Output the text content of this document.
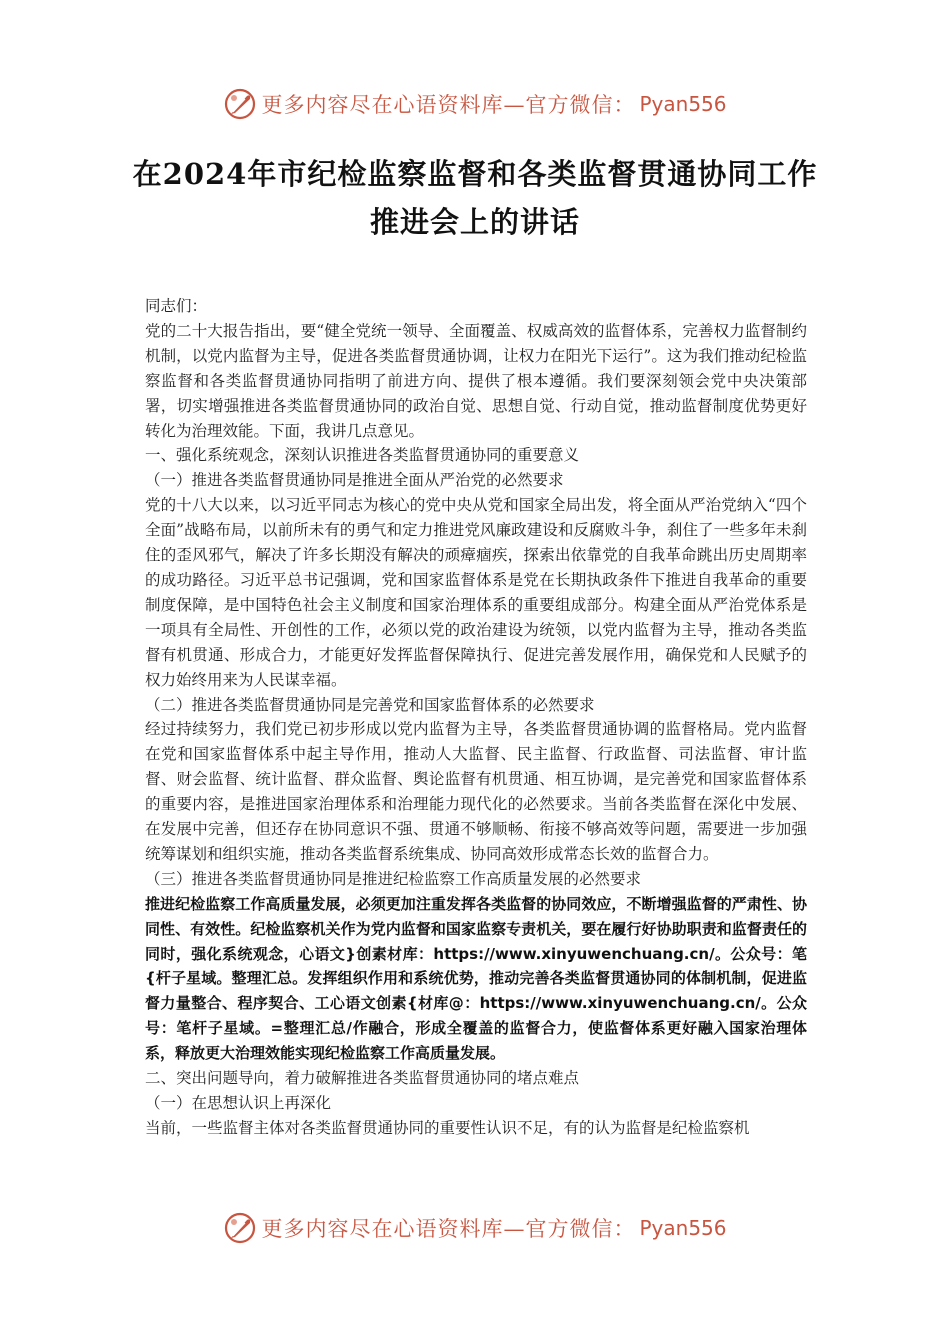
更多内容尽在心语资料库—官方微信： Pyan556
在2024年市纪检监察监督和各类监督贯通协同工作
推进会上的讲话

同志们：

党的二十大报告指出，要“健全党统一领导、全面覆盖、权威高效的监督体系，完善权力监督制约机制，以党内监督为主导，促进各类监督贯通协调，让权力在阳光下运行”。这为我们推动纪检监察监督和各类监督贯通协同指明了前进方向、提供了根本遵循。我们要深刻领会党中央决策部署，切实增强推进各类监督贯通协同的政治自觉、思想自觉、行动自觉，推动监督制度优势更好转化为治理效能。下面，我讲几点意见。

一、强化系统观念，深刻认识推进各类监督贯通协同的重要意义

（一）推进各类监督贯通协同是推进全面从严治党的必然要求

党的十八大以来，以习近平同志为核心的党中央从党和国家全局出发，将全面从严治党纳入“四个全面”战略布局，以前所未有的勇气和定力推进党风廉政建设和反腐败斗争，刹住了一些多年未刹住的歪风邪气，解决了许多长期没有解决的顽瘴痼疾，探索出依靠党的自我革命跳出历史周期率的成功路径。习近平总书记强调，党和国家监督体系是党在长期执政条件下推进自我革命的重要制度保障，是中国特色社会主义制度和国家治理体系的重要组成部分。构建全面从严治党体系是一项具有全局性、开创性的工作，必须以党的政治建设为统领，以党内监督为主导，推动各类监督有机贯通、形成合力，才能更好发挥监督保障执行、促进完善发展作用，确保党和人民赋予的权力始终用来为人民谋幸福。

（二）推进各类监督贯通协同是完善党和国家监督体系的必然要求

经过持续努力，我们党已初步形成以党内监督为主导，各类监督贯通协调的监督格局。党内监督在党和国家监督体系中起主导作用，推动人大监督、民主监督、行政监督、司法监督、审计监督、财会监督、统计监督、群众监督、舆论监督有机贯通、相互协调，是完善党和国家监督体系的重要内容，是推进国家治理体系和治理能力现代化的必然要求。当前各类监督在深化中发展、在发展中完善，但还存在协同意识不强、贯通不够顺畅、衔接不够高效等问题，需要进一步加强统筹谋划和组织实施，推动各类监督系统集成、协同高效形成常态长效的监督合力。

（三）推进各类监督贯通协同是推进纪检监察工作高质量发展的必然要求

推进纪检监察工作高质量发展，必须更加注重发挥各类监督的协同效应，不断增强监督的严肃性、协同性、有效性。纪检监察机关作为党内监督和国家监察专责机关，要在履行好协助职责和监督责任的同时，强化系统观念，心语文}创素材库：https://www.xinyuwenchuang.cn/。公众号：笔{杆子星域。整理汇总。发挥组织作用和系统优势，推动完善各类监督贯通协同的体制机制，促进监督力量整合、程序契合、工心语文创素{材库@：https://www.xinyuwenchuang.cn/。公众号：笔杆子星域。=整理汇总/作融合，形成全覆盖的监督合力，使监督体系更好融入国家治理体系，释放更大治理效能实现纪检监察工作高质量发展。

二、突出问题导向，着力破解推进各类监督贯通协同的堵点难点

（一）在思想认识上再深化

当前，一些监督主体对各类监督贯通协同的重要性认识不足，有的认为监督是纪检监察机

更多内容尽在心语资料库—官方微信： Pyan556
